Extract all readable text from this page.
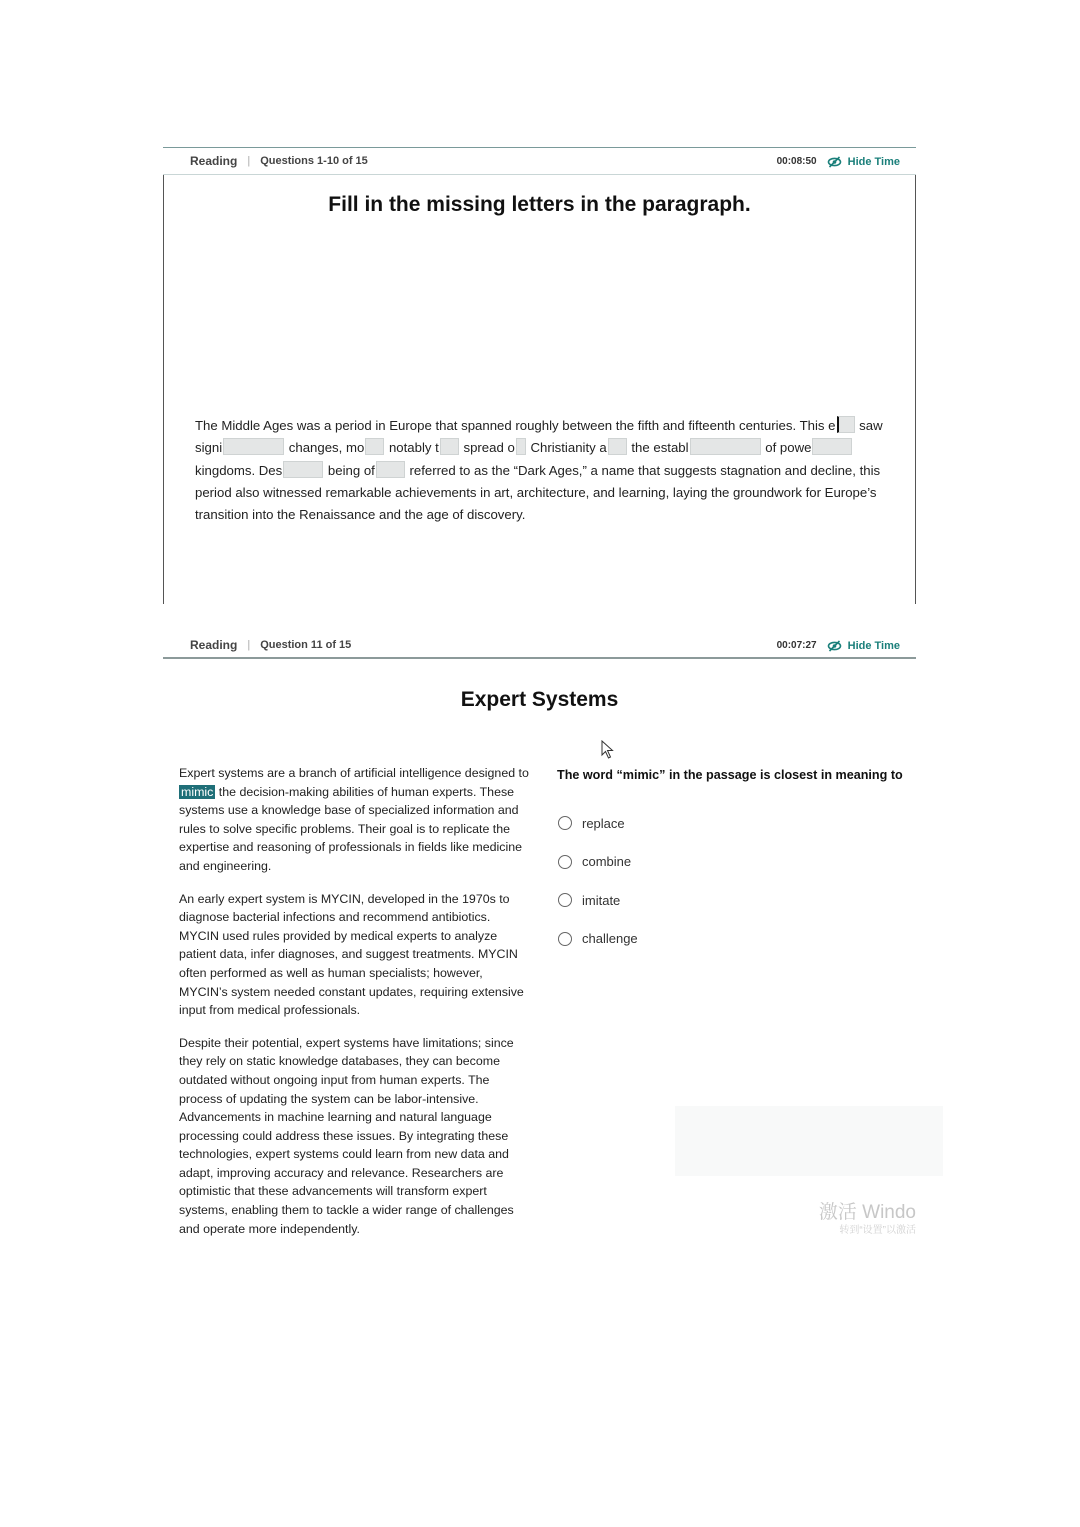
Reading | Questions 1-10 of 15	00:08:50	Hide Time
Fill in the missing letters in the paragraph.
The Middle Ages was a period in Europe that spanned roughly between the fifth and fifteenth centuries. This e saw signi	changes, mo notably t spread o Christianity a the establ	of powe kingdoms. Des	being of referred to as the “Dark Ages,” a name that suggests stagnation and decline, this period also witnessed remarkable achievements in art, architecture, and learning, laying the groundwork for Europe’s transition into the Renaissance and the age of discovery.
Reading | Question 11 of 15	00:07:27	Hide Time
Expert Systems

Expert systems are a branch of artificial intelligence designed to mimic the decision-making abilities of human experts. These systems use a knowledge base of specialized information and rules to solve specific problems. Their goal is to replicate the expertise and reasoning of professionals in fields like medicine and engineering.

An early expert system is MYCIN, developed in the 1970s to diagnose bacterial infections and recommend antibiotics. MYCIN used rules provided by medical experts to analyze patient data, infer diagnoses, and suggest treatments. MYCIN often performed as well as human specialists; however, MYCIN’s system needed constant updates, requiring extensive input from medical professionals.

Despite their potential, expert systems have limitations; since they rely on static knowledge databases, they can become outdated without ongoing input from human experts. The process of updating the system can be labor-intensive. Advancements in machine learning and natural language processing could address these issues. By integrating these technologies, expert systems could learn from new data and adapt, improving accuracy and relevance. Researchers are optimistic that these advancements will transform expert systems, enabling them to tackle a wider range of challenges and operate more independently.

The word “mimic” in the passage is closest in meaning to
replace
combine
imitate
challenge
激活 Windo
转到“设置”以激活
